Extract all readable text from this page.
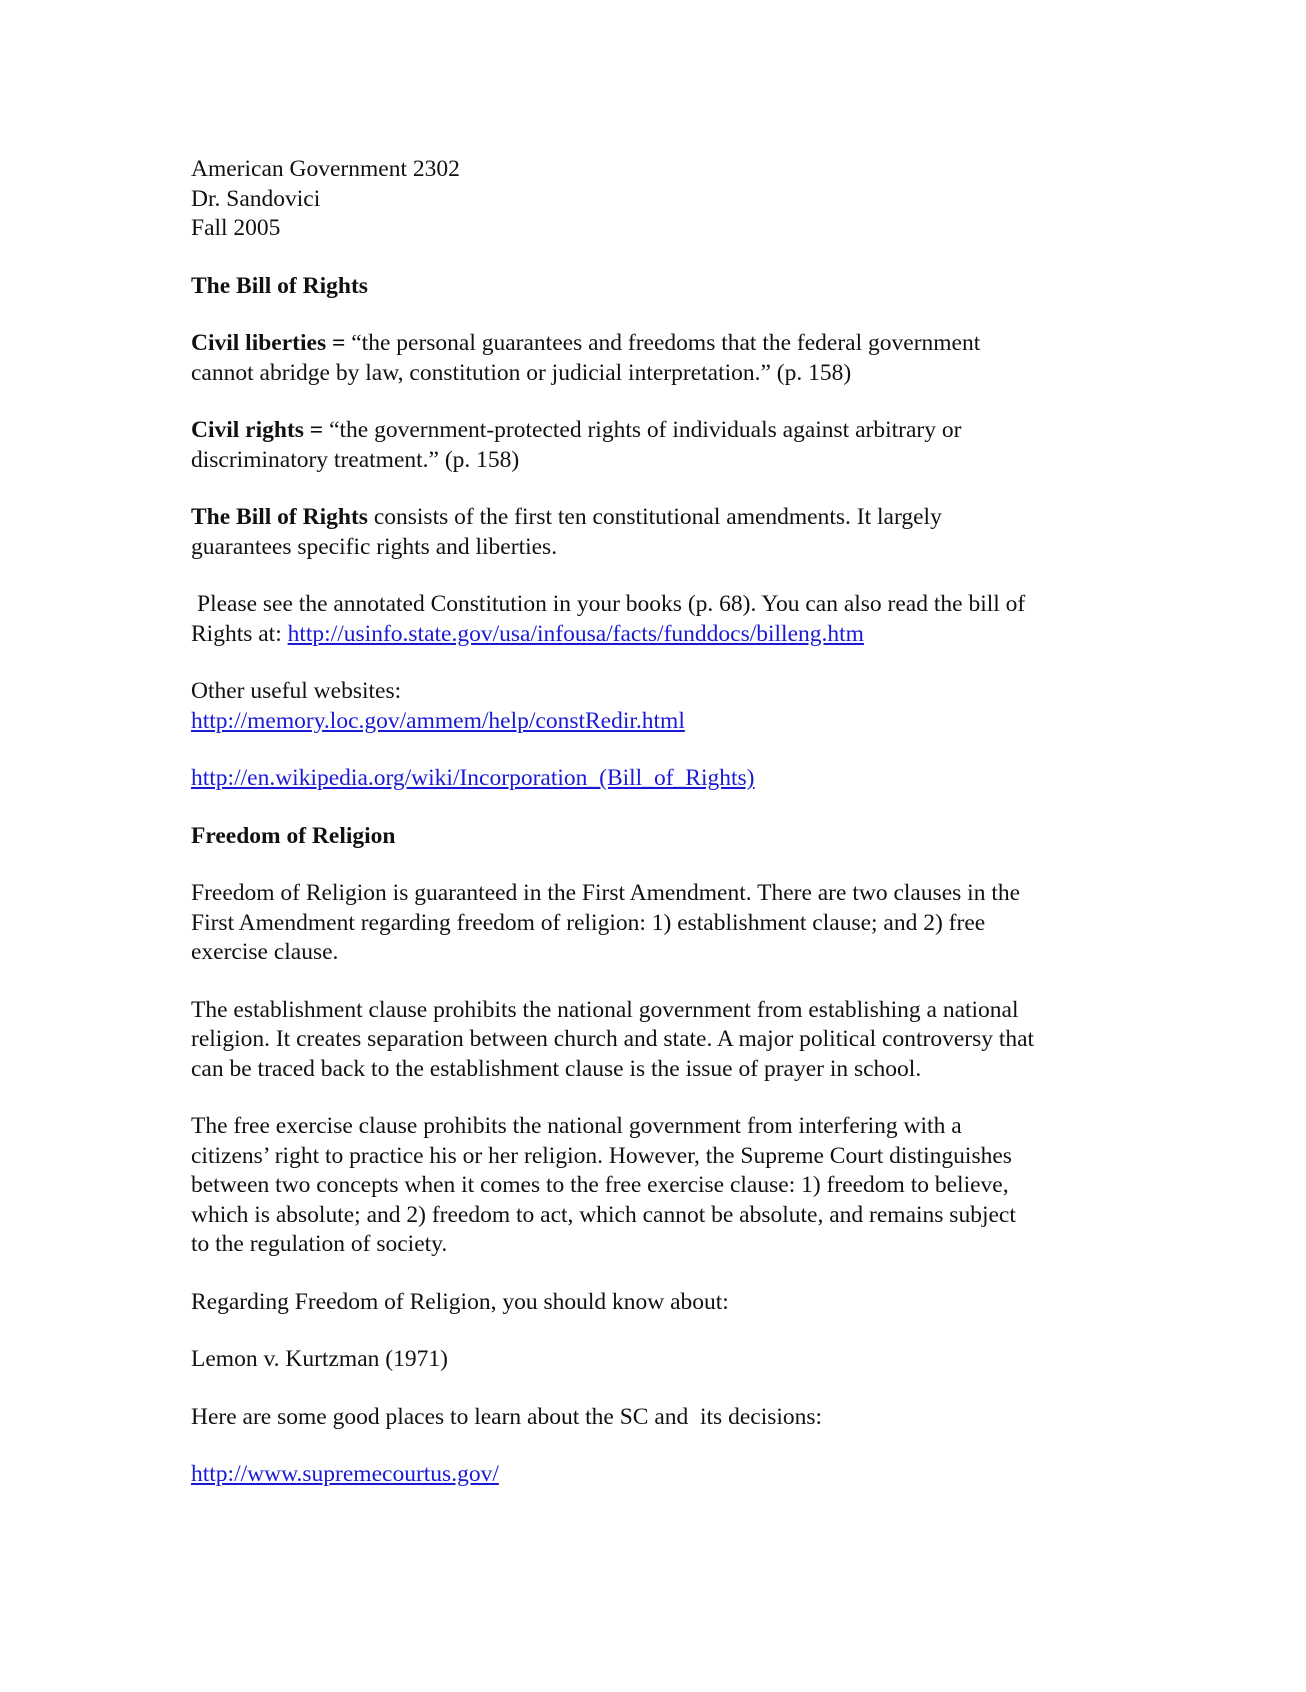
American Government 2302
Dr. Sandovici
Fall 2005
The Bill of Rights

Civil liberties = “the personal guarantees and freedoms that the federal government
cannot abridge by law, constitution or judicial interpretation.” (p. 158)

Civil rights = “the government-protected rights of individuals against arbitrary or
discriminatory treatment.” (p. 158)

The Bill of Rights consists of the first ten constitutional amendments. It largely
guarantees specific rights and liberties.

Please see the annotated Constitution in your books (p. 68). You can also read the bill of
Rights at: http://usinfo.state.gov/usa/infousa/facts/funddocs/billeng.htm

Other useful websites:
http://memory.loc.gov/ammem/help/constRedir.html

http://en.wikipedia.org/wiki/Incorporation_(Bill_of_Rights)

Freedom of Religion

Freedom of Religion is guaranteed in the First Amendment. There are two clauses in the
First Amendment regarding freedom of religion: 1) establishment clause; and 2) free
exercise clause.

The establishment clause prohibits the national government from establishing a national
religion. It creates separation between church and state. A major political controversy that
can be traced back to the establishment clause is the issue of prayer in school.

The free exercise clause prohibits the national government from interfering with a
citizens’ right to practice his or her religion. However, the Supreme Court distinguishes
between two concepts when it comes to the free exercise clause: 1) freedom to believe,
which is absolute; and 2) freedom to act, which cannot be absolute, and remains subject
to the regulation of society.

Regarding Freedom of Religion, you should know about:

Lemon v. Kurtzman (1971)

Here are some good places to learn about the SC and  its decisions:

http://www.supremecourtus.gov/
